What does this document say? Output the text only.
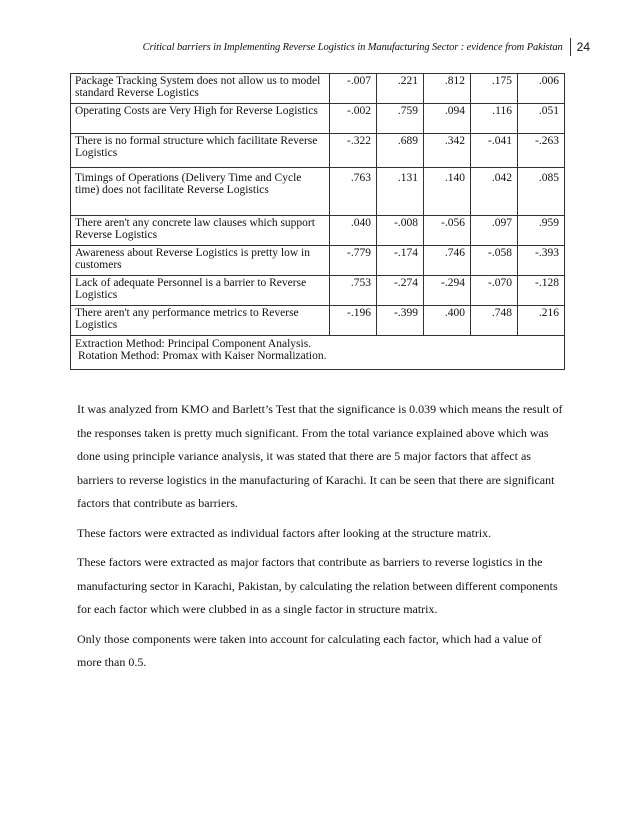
Critical barriers in Implementing Reverse Logistics in Manufacturing Sector : evidence from Pakistan 24
Package Tracking System does not allow us to model standard Reverse Logistics	-.007	.221	.812	.175	.006
Operating Costs are Very High for Reverse Logistics	-.002	.759	.094	.116	.051
There is no formal structure which facilitate Reverse Logistics	-.322	.689	.342	-.041	-.263
Timings of Operations (Delivery Time and Cycle time) does not facilitate Reverse Logistics	.763	.131	.140	.042	.085
There aren't any concrete law clauses which support Reverse Logistics	.040	-.008	-.056	.097	.959
Awareness about Reverse Logistics is pretty low in customers	-.779	-.174	.746	-.058	-.393
Lack of adequate Personnel is a barrier to Reverse Logistics	.753	-.274	-.294	-.070	-.128
There aren't any performance metrics to Reverse Logistics	-.196	-.399	.400	.748	.216

Extraction Method: Principal Component Analysis.
Rotation Method: Promax with Kaiser Normalization.					

It was analyzed from KMO and Barlett’s Test that the significance is 0.039 which means the result of the responses taken is pretty much significant. From the total variance explained above which was done using principle variance analysis, it was stated that there are 5 major factors that affect as barriers to reverse logistics in the manufacturing of Karachi. It can be seen that there are significant factors that contribute as barriers.

These factors were extracted as individual factors after looking at the structure matrix.

These factors were extracted as major factors that contribute as barriers to reverse logistics in the manufacturing sector in Karachi, Pakistan, by calculating the relation between different components for each factor which were clubbed in as a single factor in structure matrix.

Only those components were taken into account for calculating each factor, which had a value of more than 0.5.
